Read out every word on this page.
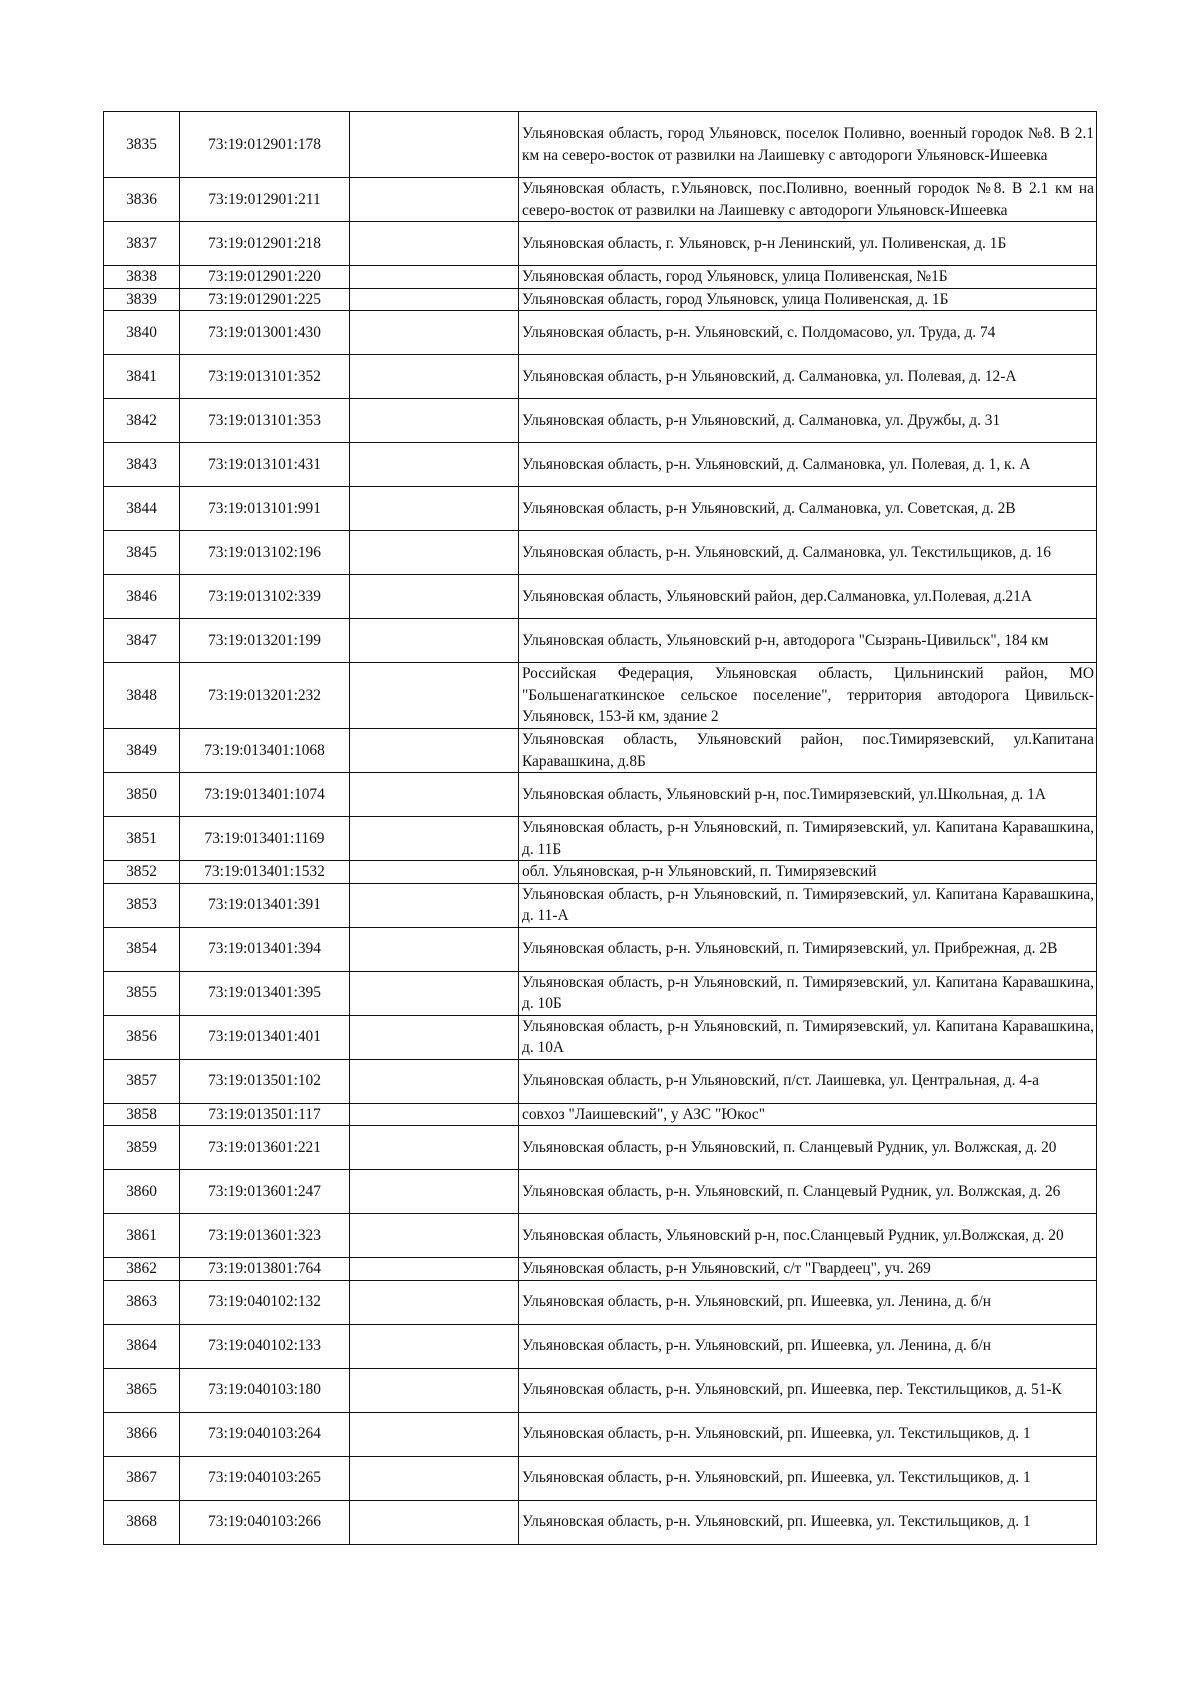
3835	73:19:012901:178		Ульяновская область, город Ульяновск, поселок Поливно, военный городок №8. В 2.1 км на северо-восток от развилки на Лаишевку с автодороги Ульяновск-Ишеевка
3836	73:19:012901:211		Ульяновская область, г.Ульяновск, пос.Поливно, военный городок №8. В 2.1 км на северо-восток от развилки на Лаишевку с автодороги Ульяновск-Ишеевка
3837	73:19:012901:218		Ульяновская область, г. Ульяновск, р-н Ленинский, ул. Поливенская, д. 1Б
3838	73:19:012901:220		Ульяновская область, город Ульяновск, улица Поливенская, №1Б
3839	73:19:012901:225		Ульяновская область, город Ульяновск, улица Поливенская, д. 1Б
3840	73:19:013001:430		Ульяновская область, р-н. Ульяновский, с. Полдомасово, ул. Труда, д. 74
3841	73:19:013101:352		Ульяновская область, р-н Ульяновский, д. Салмановка, ул. Полевая, д. 12-А
3842	73:19:013101:353		Ульяновская область, р-н Ульяновский, д. Салмановка, ул. Дружбы, д. 31
3843	73:19:013101:431		Ульяновская область, р-н. Ульяновский, д. Салмановка, ул. Полевая, д. 1, к. А
3844	73:19:013101:991		Ульяновская область, р-н Ульяновский, д. Салмановка, ул. Советская, д. 2В
3845	73:19:013102:196		Ульяновская область, р-н. Ульяновский, д. Салмановка, ул. Текстильщиков, д. 16
3846	73:19:013102:339		Ульяновская область, Ульяновский район, дер.Салмановка, ул.Полевая, д.21А
3847	73:19:013201:199		Ульяновская область, Ульяновский р-н, автодорога "Сызрань-Цивильск", 184 км
3848	73:19:013201:232		Российская Федерация, Ульяновская область, Цильнинский район, МО "Большенагаткинское сельское поселение", территория автодорога Цивильск-Ульяновск, 153-й км, здание 2
3849	73:19:013401:1068		Ульяновская область, Ульяновский район, пос.Тимирязевский, ул.Капитана Каравашкина, д.8Б
3850	73:19:013401:1074		Ульяновская область, Ульяновский р-н, пос.Тимирязевский, ул.Школьная, д. 1А
3851	73:19:013401:1169		Ульяновская область, р-н Ульяновский, п. Тимирязевский, ул. Капитана Каравашкина, д. 11Б
3852	73:19:013401:1532		обл. Ульяновская, р-н Ульяновский, п. Тимирязевский
3853	73:19:013401:391		Ульяновская область, р-н Ульяновский, п. Тимирязевский, ул. Капитана Каравашкина, д. 11-А
3854	73:19:013401:394		Ульяновская область, р-н. Ульяновский, п. Тимирязевский, ул. Прибрежная, д. 2В
3855	73:19:013401:395		Ульяновская область, р-н Ульяновский, п. Тимирязевский, ул. Капитана Каравашкина, д. 10Б
3856	73:19:013401:401		Ульяновская область, р-н Ульяновский, п. Тимирязевский, ул. Капитана Каравашкина, д. 10А
3857	73:19:013501:102		Ульяновская область, р-н Ульяновский, п/ст. Лаишевка, ул. Центральная, д. 4-а
3858	73:19:013501:117		совхоз "Лаишевский", у АЗС "Юкос"
3859	73:19:013601:221		Ульяновская область, р-н Ульяновский, п. Сланцевый Рудник, ул. Волжская, д. 20
3860	73:19:013601:247		Ульяновская область, р-н. Ульяновский, п. Сланцевый Рудник, ул. Волжская, д. 26
3861	73:19:013601:323		Ульяновская область, Ульяновский р-н, пос.Сланцевый Рудник, ул.Волжская, д. 20
3862	73:19:013801:764		Ульяновская область, р-н Ульяновский, с/т "Гвардеец", уч. 269
3863	73:19:040102:132		Ульяновская область, р-н. Ульяновский, рп. Ишеевка, ул. Ленина, д. б/н
3864	73:19:040102:133		Ульяновская область, р-н. Ульяновский, рп. Ишеевка, ул. Ленина, д. б/н
3865	73:19:040103:180		Ульяновская область, р-н. Ульяновский, рп. Ишеевка, пер. Текстильщиков, д. 51-К
3866	73:19:040103:264		Ульяновская область, р-н. Ульяновский, рп. Ишеевка, ул. Текстильщиков, д. 1
3867	73:19:040103:265		Ульяновская область, р-н. Ульяновский, рп. Ишеевка, ул. Текстильщиков, д. 1
3868	73:19:040103:266		Ульяновская область, р-н. Ульяновский, рп. Ишеевка, ул. Текстильщиков, д. 1
